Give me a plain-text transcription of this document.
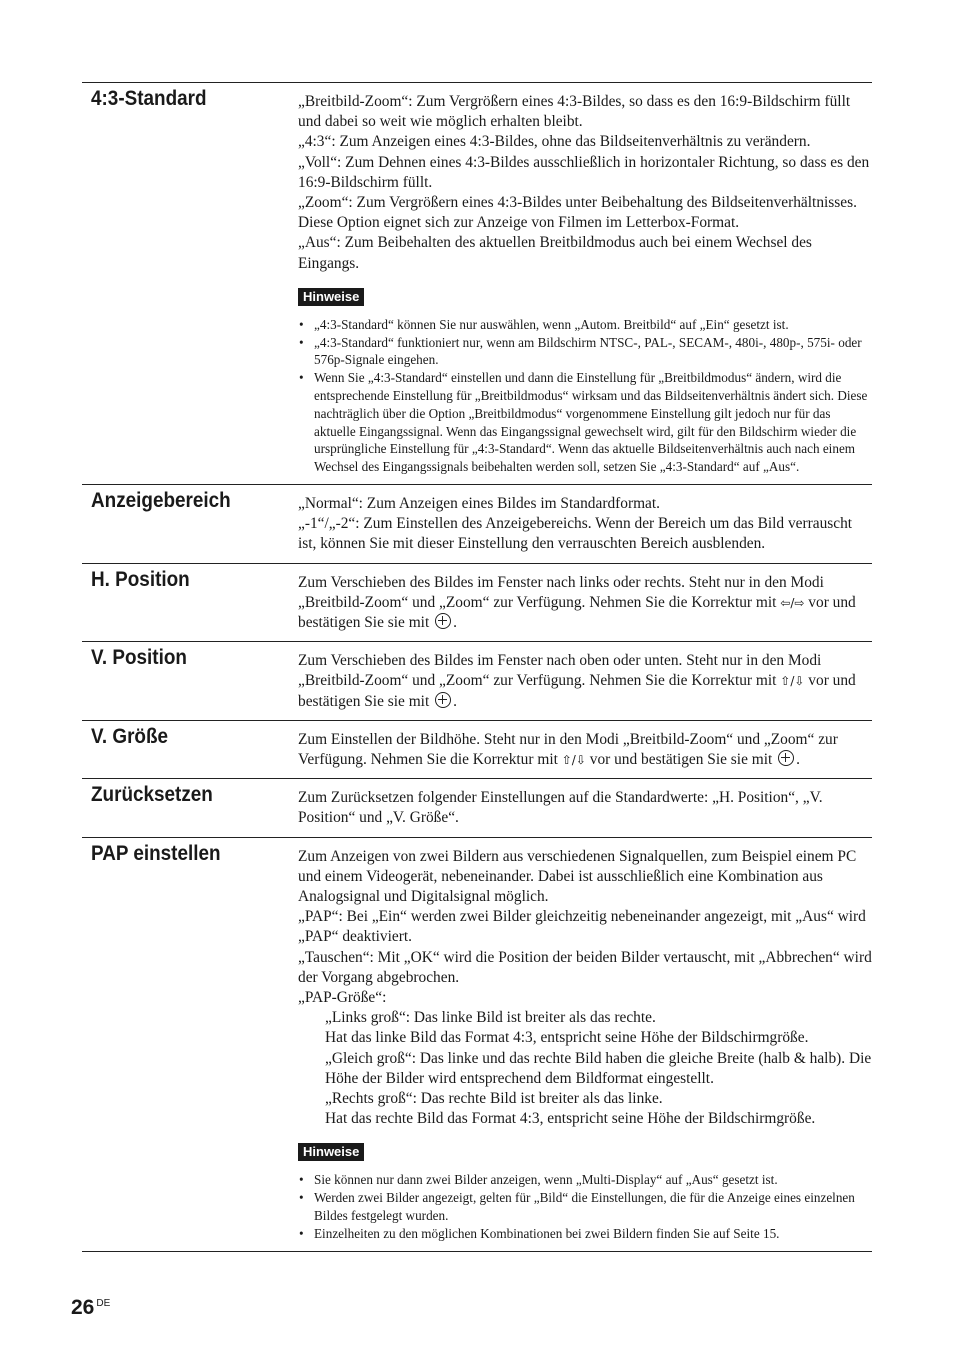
4:3-Standard	„Breitbild-Zoom“: Zum Vergrößern eines 4:3-Bildes, so dass es den 16:9-Bildschirm füllt und dabei so weit wie möglich erhalten bleibt.

„4:3“: Zum Anzeigen eines 4:3-Bildes, ohne das Bildseitenverhältnis zu verändern.

„Voll“: Zum Dehnen eines 4:3-Bildes ausschließlich in horizontaler Richtung, so dass es den 16:9-Bildschirm füllt.

„Zoom“: Zum Vergrößern eines 4:3-Bildes unter Beibehaltung des Bildseitenverhältnisses. Diese Option eignet sich zur Anzeige von Filmen im Letterbox-Format.

„Aus“: Zum Beibehalten des aktuellen Breitbildmodus auch bei einem Wechsel des Eingangs.

Hinweise
• „4:3-Standard“ können Sie nur auswählen, wenn „Autom. Breitbild“ auf „Ein“ gesetzt ist.
• „4:3-Standard“ funktioniert nur, wenn am Bildschirm NTSC-, PAL-, SECAM-, 480i-, 480p-, 575i- oder 576p-Signale eingehen.
• Wenn Sie „4:3-Standard“ einstellen und dann die Einstellung für „Breitbildmodus“ ändern, wird die entsprechende Einstellung für „Breitbildmodus“ wirksam und das Bildseitenverhältnis ändert sich. Diese nachträglich über die Option „Breitbildmodus“ vorgenommene Einstellung gilt jedoch nur für das aktuelle Eingangssignal. Wenn das Eingangssignal gewechselt wird, gilt für den Bildschirm wieder die ursprüngliche Einstellung für „4:3-Standard“. Wenn das aktuelle Bildseitenverhältnis auch nach einem Wechsel des Eingangssignals beibehalten werden soll, setzen Sie „4:3-Standard“ auf „Aus“.
Anzeigebereich	„Normal“: Zum Anzeigen eines Bildes im Standardformat.

„-1“/„-2“: Zum Einstellen des Anzeigebereichs. Wenn der Bereich um das Bild verrauscht ist, können Sie mit dieser Einstellung den verrauschten Bereich ausblenden.

H. Position	Zum Verschieben des Bildes im Fenster nach links oder rechts. Steht nur in den Modi „Breitbild-Zoom“ und „Zoom“ zur Verfügung. Nehmen Sie die Korrektur mit ⇦/⇨ vor und bestätigen Sie sie mit .

V. Position	Zum Verschieben des Bildes im Fenster nach oben oder unten. Steht nur in den Modi „Breitbild-Zoom“ und „Zoom“ zur Verfügung. Nehmen Sie die Korrektur mit ⇧/⇩ vor und bestätigen Sie sie mit .

V. Größe	Zum Einstellen der Bildhöhe. Steht nur in den Modi „Breitbild-Zoom“ und „Zoom“ zur Verfügung. Nehmen Sie die Korrektur mit ⇧/⇩ vor und bestätigen Sie sie mit .

Zurücksetzen	Zum Zurücksetzen folgender Einstellungen auf die Standardwerte: „H. Position“, „V. Position“ und „V. Größe“.

PAP einstellen	Zum Anzeigen von zwei Bildern aus verschiedenen Signalquellen, zum Beispiel einem PC und einem Videogerät, nebeneinander. Dabei ist ausschließlich eine Kombination aus Analogsignal und Digitalsignal möglich.

„PAP“: Bei „Ein“ werden zwei Bilder gleichzeitig nebeneinander angezeigt, mit „Aus“ wird „PAP“ deaktiviert.

„Tauschen“: Mit „OK“ wird die Position der beiden Bilder vertauscht, mit „Abbrechen“ wird der Vorgang abgebrochen.

„PAP-Größe“:

„Links groß“: Das linke Bild ist breiter als das rechte.

Hat das linke Bild das Format 4:3, entspricht seine Höhe der Bildschirmgröße.

„Gleich groß“: Das linke und das rechte Bild haben die gleiche Breite (halb & halb). Die Höhe der Bilder wird entsprechend dem Bildformat eingestellt.

„Rechts groß“: Das rechte Bild ist breiter als das linke.

Hat das rechte Bild das Format 4:3, entspricht seine Höhe der Bildschirmgröße.

Hinweise
• Sie können nur dann zwei Bilder anzeigen, wenn „Multi-Display“ auf „Aus“ gesetzt ist.
• Werden zwei Bilder angezeigt, gelten für „Bild“ die Einstellungen, die für die Anzeige eines einzelnen Bildes festgelegt wurden.
• Einzelheiten zu den möglichen Kombinationen bei zwei Bildern finden Sie auf Seite 15.
26 $^{DE}$
